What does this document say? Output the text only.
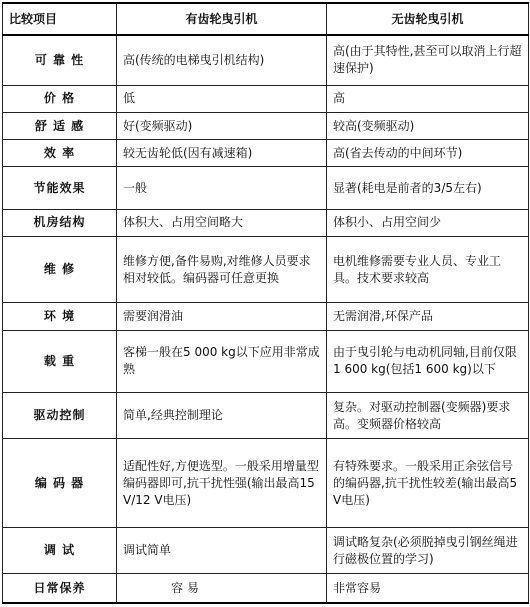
比较项目	有齿轮曳引机	无齿轮曳引机
可 靠 性	高(传统的电梯曳引机结构)	高(由于其特性,甚至可以取消上行超速保护)
价 格	低	高
舒 适 感	好(变频驱动)	较高(变频驱动)
效 率	较无齿轮低(因有减速箱)	高(省去传动的中间环节)
节能效果	一般	显著(耗电是前者的3/5左右)
机房结构	体积大、占用空间略大	体积小、占用空间少
维 修	维修方便,备件易购,对维修人员要求相对较低。编码器可任意更换	电机维修需要专业人员、专业工具。技术要求较高
环 境	需要润滑油	无需润滑,环保产品
载 重	客梯一般在5 000 kg以下应用非常成熟	由于曳引轮与电动机同轴,目前仅限1 600 kg(包括1 600 kg)以下
驱动控制	简单,经典控制理论	复杂。对驱动控制器(变频器)要求高。变频器价格较高
编 码 器	适配性好,方便选型。一般采用增量型编码器即可,抗干扰性强(输出最高15 V/12 V电压)	有特殊要求。一般采用正余弦信号的编码器,抗干扰性较差(输出最高5 V电压)
调 试	调试简单	调试略复杂(必须脱掉曳引钢丝绳进行磁极位置的学习)
日常保养	容 易	非常容易
